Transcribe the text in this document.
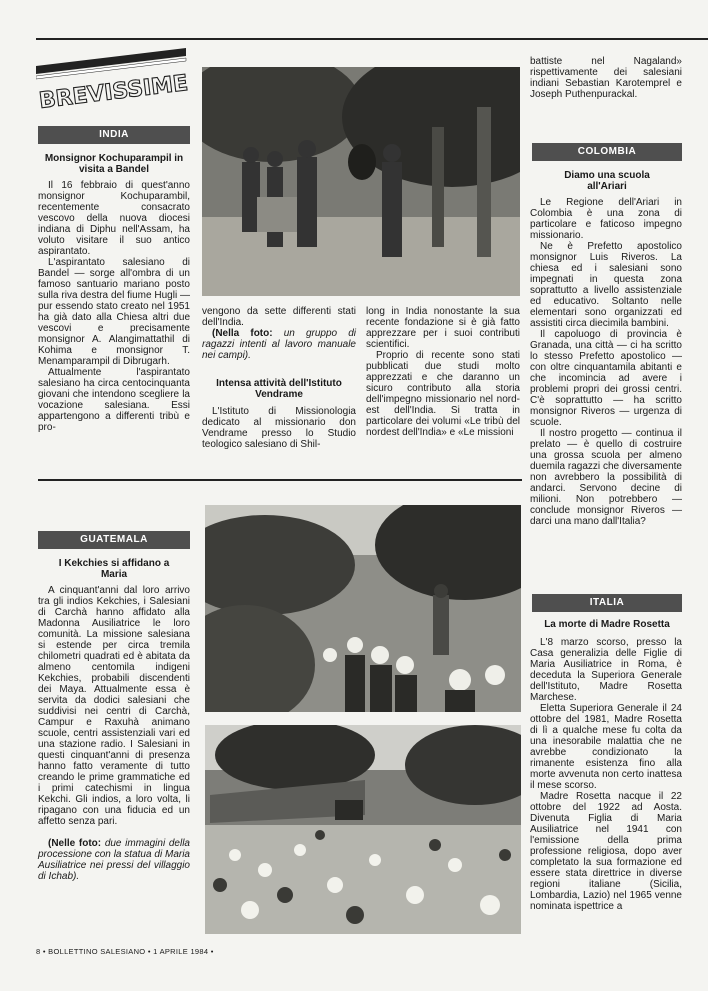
BREVISSIME
INDIA
Monsignor Kochuparampil in visita a Bandel

Il 16 febbraio di quest'anno monsignor Kochuparambil, recentemente consacrato vescovo della nuova diocesi indiana di Diphu nell'Assam, ha voluto visitare il suo antico aspirantato.

L'aspirantato salesiano di Bandel — sorge all'ombra di un famoso santuario mariano posto sulla riva destra del fiume Hugli — pur essendo stato creato nel 1951 ha già dato alla Chiesa altri due vescovi e precisamente monsignor A. Alangimattathil di Kohima e monsignor T. Menamparampil di Dibrugarh.

Attualmente l'aspirantato salesiano ha circa centocinquanta giovani che intendono scegliere la vocazione salesiana. Essi appartengono a differenti tribù e pro-

vengono da sette differenti stati dell'India.

(Nella foto: un gruppo di ragazzi intenti al lavoro manuale nei campi).

Intensa attività dell'Istituto Vendrame

L'Istituto di Missionologia dedicato al missionario don Vendrame presso lo Studio teologico salesiano di Shil-

long in India nonostante la sua recente fondazione si è già fatto apprezzare per i suoi contributi scientifici.

Proprio di recente sono stati pubblicati due studi molto apprezzati e che daranno un sicuro contributo alla storia dell'impegno missionario nel nord-est dell'India. Si tratta in particolare dei volumi «Le tribù del nordest dell'India» e «Le missioni

battiste nel Nagaland» rispettivamente dei salesiani indiani Sebastian Karotemprel e Joseph Puthenpurackal.

COLOMBIA
Diamo una scuola all'Ariari

Le Regione dell'Ariari in Colombia è una zona di particolare e faticoso impegno missionario.

Ne è Prefetto apostolico monsignor Luis Riveros. La chiesa ed i salesiani sono impegnati in questa zona soprattutto a livello assistenziale ed educativo. Soltanto nelle elementari sono organizzati ed assistiti circa diecimila bambini.

Il capoluogo di provincia è Granada, una città — ci ha scritto lo stesso Prefetto apostolico — con oltre cinquantamila abitanti e che incomincia ad avere i problemi propri dei grossi centri. C'è soprattutto — ha scritto monsignor Riveros — urgenza di scuole.

Il nostro progetto — continua il prelato — è quello di costruire una grossa scuola per almeno duemila ragazzi che diversamente non avrebbero la possibilità di andarci. Servono decine di milioni. Non potrebbero — conclude monsignor Riveros — darci una mano dall'Italia?

GUATEMALA
I Kekchies si affidano a Maria

A cinquant'anni dal loro arrivo tra gli indios Kekchies, i Salesiani di Carchà hanno affidato alla Madonna Ausiliatrice le loro comunità. La missione salesiana si estende per circa tremila chilometri quadrati ed è abitata da almeno centomila indigeni Kekchies, probabili discendenti dei Maya. Attualmente essa è servita da dodici salesiani che suddivisi nei centri di Carchà, Campur e Raxuhà animano scuole, centri assistenziali vari ed una stazione radio. I Salesiani in questi cinquant'anni di presenza hanno fatto veramente di tutto creando le prime grammatiche ed i primi catechismi in lingua Kekchi. Gli indios, a loro volta, li ripagano con una fiducia ed un affetto senza pari.

(Nelle foto: due immagini della processione con la statua di Maria Ausiliatrice nei pressi del villaggio di Ichab).

ITALIA
La morte di Madre Rosetta

L'8 marzo scorso, presso la Casa generalizia delle Figlie di Maria Ausiliatrice in Roma, è deceduta la Superiora Generale dell'Istituto, Madre Rosetta Marchese.

Eletta Superiora Generale il 24 ottobre del 1981, Madre Rosetta di lì a qualche mese fu colta da una inesorabile malattia che ne avrebbe condizionato la rimanente esistenza fino alla morte avvenuta non certo inattesa il mese scorso.

Madre Rosetta nacque il 22 ottobre del 1922 ad Aosta. Divenuta Figlia di Maria Ausiliatrice nel 1941 con l'emissione della prima professione religiosa, dopo aver completato la sua formazione ed essere stata direttrice in diverse regioni italiane (Sicilia, Lombardia, Lazio) nel 1965 venne nominata ispettrice a

8 • BOLLETTINO SALESIANO • 1 APRILE 1984 •
